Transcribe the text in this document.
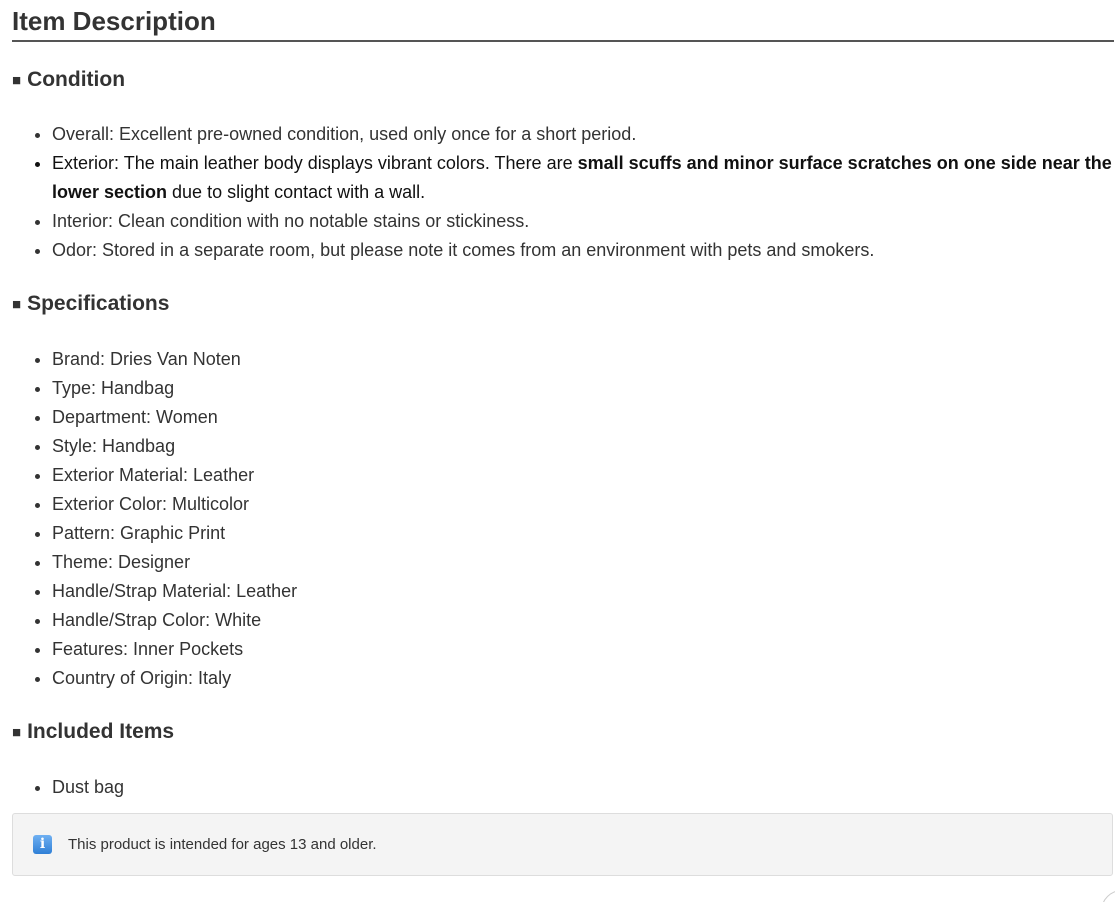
Item Description
■ Condition
• Overall: Excellent pre-owned condition, used only once for a short period.
• Exterior: The main leather body displays vibrant colors. There are small scuffs and minor surface scratches on one side near the lower section due to slight contact with a wall.
• Interior: Clean condition with no notable stains or stickiness.
• Odor: Stored in a separate room, but please note it comes from an environment with pets and smokers.
■ Specifications
• Brand: Dries Van Noten
• Type: Handbag
• Department: Women
• Style: Handbag
• Exterior Material: Leather
• Exterior Color: Multicolor
• Pattern: Graphic Print
• Theme: Designer
• Handle/Strap Material: Leather
• Handle/Strap Color: White
• Features: Inner Pockets
• Country of Origin: Italy
■ Included Items
• Dust bag
i	This product is intended for ages 13 and older.
